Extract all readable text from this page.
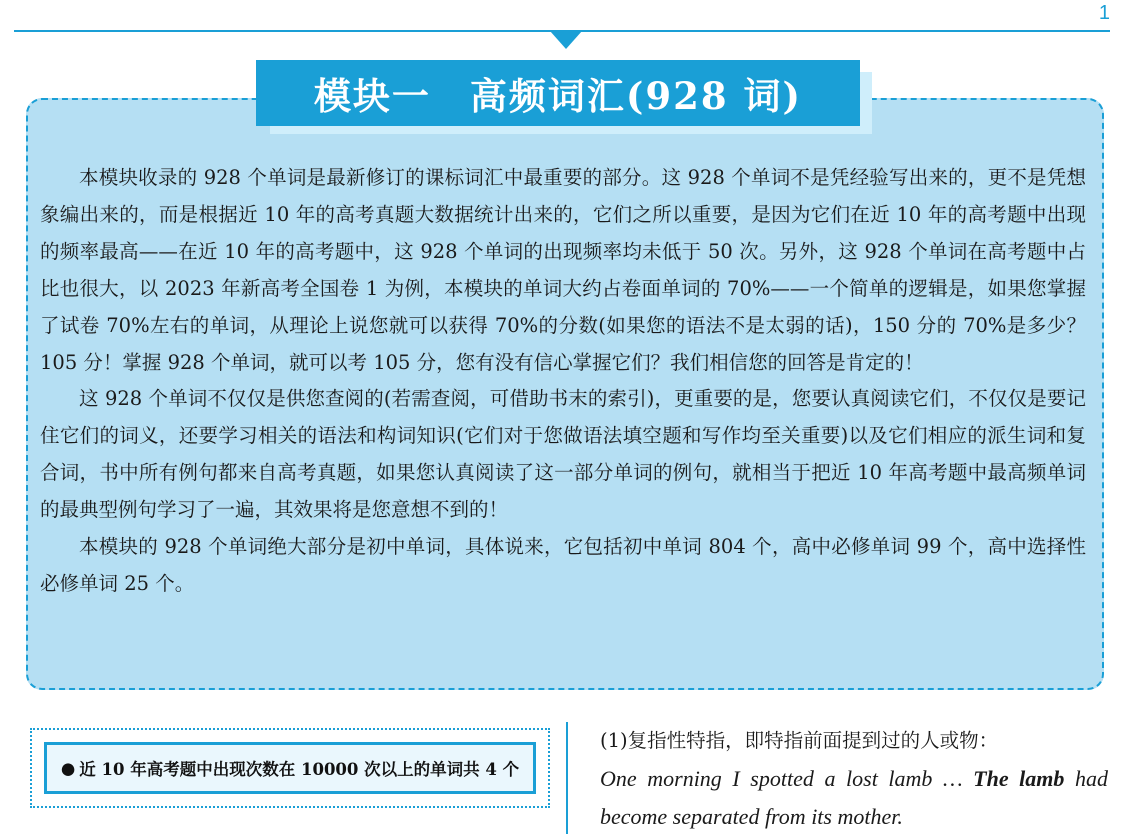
1
模块一　高频词汇(928 词)

本模块收录的 928 个单词是最新修订的课标词汇中最重要的部分。这 928 个单词不是凭经验写出来的，更不是凭想象编出来的，而是根据近 10 年的高考真题大数据统计出来的，它们之所以重要，是因为它们在近 10 年的高考题中出现的频率最高——在近 10 年的高考题中，这 928 个单词的出现频率均未低于 50 次。另外，这 928 个单词在高考题中占比也很大，以 2023 年新高考全国卷 1 为例，本模块的单词大约占卷面单词的 70%——一个简单的逻辑是，如果您掌握了试卷 70%左右的单词，从理论上说您就可以获得 70%的分数(如果您的语法不是太弱的话)，150 分的 70%是多少？ 105 分！掌握 928 个单词，就可以考 105 分，您有没有信心掌握它们？我们相信您的回答是肯定的！

这 928 个单词不仅仅是供您查阅的(若需查阅，可借助书末的索引)，更重要的是，您要认真阅读它们，不仅仅是要记住它们的词义，还要学习相关的语法和构词知识(它们对于您做语法填空题和写作均至关重要)以及它们相应的派生词和复合词，书中所有例句都来自高考真题，如果您认真阅读了这一部分单词的例句，就相当于把近 10 年高考题中最高频单词的最典型例句学习了一遍，其效果将是您意想不到的！

本模块的 928 个单词绝大部分是初中单词，具体说来，它包括初中单词 804 个，高中必修单词 99 个，高中选择性必修单词 25 个。

● 近 10 年高考题中出现次数在 10000 次以上的单词共 4 个

(1)复指性特指，即特指前面提到过的人或物：

One morning I spotted a lost lamb … The lamb had become separated from its mother.
